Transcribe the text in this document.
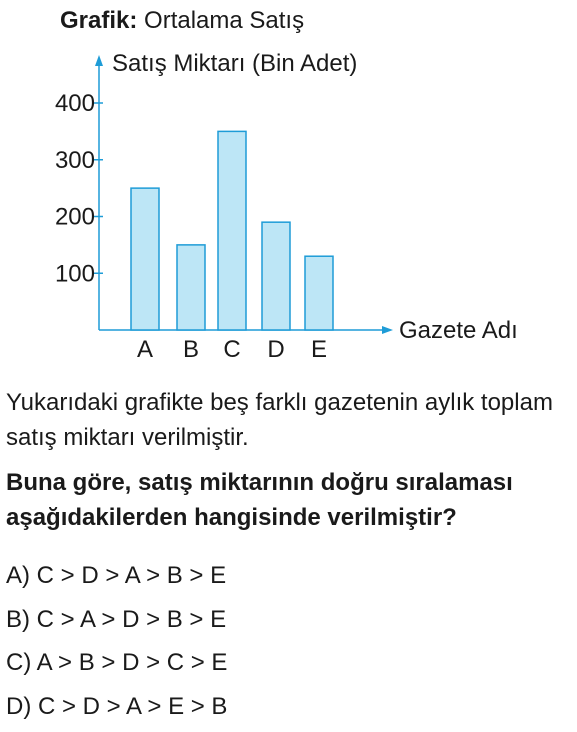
Grafik: Ortalama Satış
Satış Miktarı (Bin Adet)
Gazete Adı
100
200
300
400
A B C D E
Yukarıdaki grafikte beş farklı gazetenin aylık toplam satış miktarı verilmiştir.
Buna göre, satış miktarının doğru sıralaması aşağıdakilerden hangisinde verilmiştir?
A) C > D > A > B > E
B) C > A > D > B > E
C) A > B > D > C > E
D) C > D > A > E > B
